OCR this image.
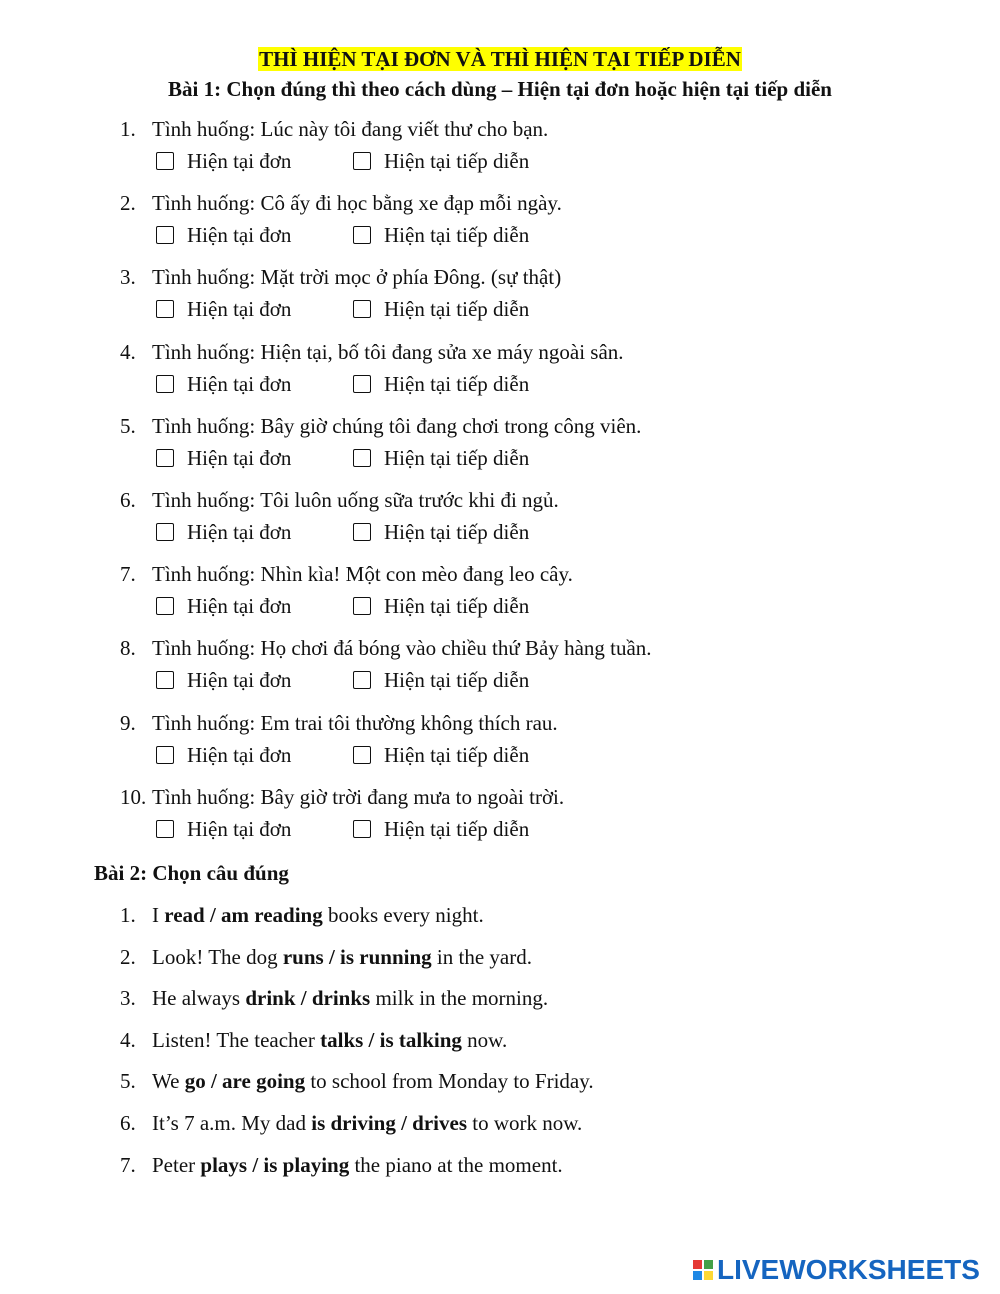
THÌ HIỆN TẠI ĐƠN VÀ THÌ HIỆN TẠI TIẾP DIỄN
Bài 1: Chọn đúng thì theo cách dùng – Hiện tại đơn hoặc hiện tại tiếp diễn
1. Tình huống: Lúc này tôi đang viết thư cho bạn.
Hiện tại đơn	Hiện tại tiếp diễn
2. Tình huống: Cô ấy đi học bằng xe đạp mỗi ngày.
Hiện tại đơn	Hiện tại tiếp diễn
3. Tình huống: Mặt trời mọc ở phía Đông. (sự thật)
Hiện tại đơn	Hiện tại tiếp diễn
4. Tình huống: Hiện tại, bố tôi đang sửa xe máy ngoài sân.
Hiện tại đơn	Hiện tại tiếp diễn
5. Tình huống: Bây giờ chúng tôi đang chơi trong công viên.
Hiện tại đơn	Hiện tại tiếp diễn
6. Tình huống: Tôi luôn uống sữa trước khi đi ngủ.
Hiện tại đơn	Hiện tại tiếp diễn
7. Tình huống: Nhìn kìa! Một con mèo đang leo cây.
Hiện tại đơn	Hiện tại tiếp diễn
8. Tình huống: Họ chơi đá bóng vào chiều thứ Bảy hàng tuần.
Hiện tại đơn	Hiện tại tiếp diễn
9. Tình huống: Em trai tôi thường không thích rau.
Hiện tại đơn	Hiện tại tiếp diễn
10. Tình huống: Bây giờ trời đang mưa to ngoài trời.
Hiện tại đơn	Hiện tại tiếp diễn
Bài 2: Chọn câu đúng
1. I read / am reading books every night.
2. Look! The dog runs / is running in the yard.
3. He always drink / drinks milk in the morning.
4. Listen! The teacher talks / is talking now.
5. We go / are going to school from Monday to Friday.
6. It’s 7 a.m. My dad is driving / drives to work now.
7. Peter plays / is playing the piano at the moment.
LIVEWORKSHEETS
